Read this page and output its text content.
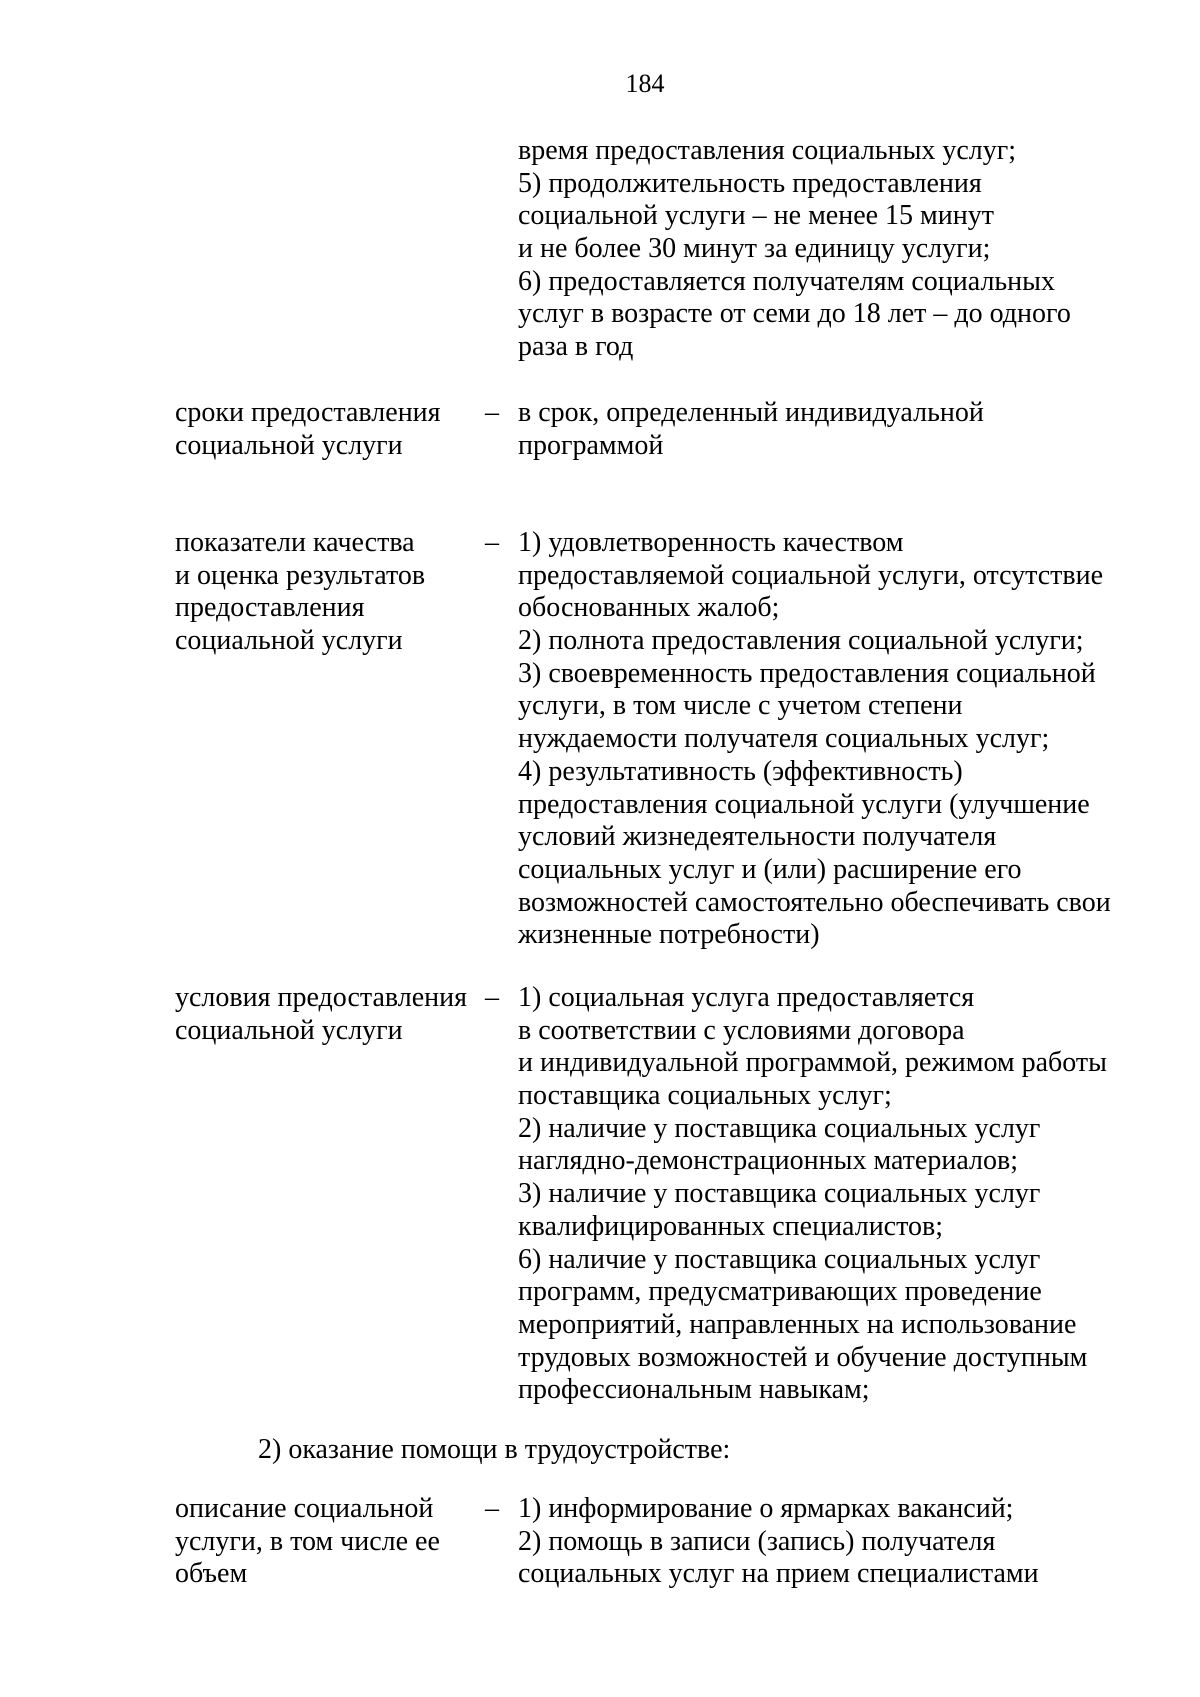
184
время предоставления социальных услуг;
5) продолжительность предоставления
социальной услуги – не менее 15 минут
и не более 30 минут за единицу услуги;
6) предоставляется получателям социальных
услуг в возрасте от семи до 18 лет – до одного
раза в год
сроки предоставления
социальной услуги
– в срок, определенный индивидуальной
программой
показатели качества
и оценка результатов
предоставления
социальной услуги
– 1) удовлетворенность качеством
предоставляемой социальной услуги, отсутствие
обоснованных жалоб;
2) полнота предоставления социальной услуги;
3) своевременность предоставления социальной
услуги, в том числе с учетом степени
нуждаемости получателя социальных услуг;
4) результативность (эффективность)
предоставления социальной услуги (улучшение
условий жизнедеятельности получателя
социальных услуг и (или) расширение его
возможностей самостоятельно обеспечивать свои
жизненные потребности)
условия предоставления
социальной услуги
– 1) социальная услуга предоставляется
в соответствии с условиями договора
и индивидуальной программой, режимом работы
поставщика социальных услуг;
2) наличие у поставщика социальных услуг
наглядно-демонстрационных материалов;
3) наличие у поставщика социальных услуг
квалифицированных специалистов;
6) наличие у поставщика социальных услуг
программ, предусматривающих проведение
мероприятий, направленных на использование
трудовых возможностей и обучение доступным
профессиональным навыкам;
2) оказание помощи в трудоустройстве:
описание социальной
услуги, в том числе ее
объем
– 1) информирование о ярмарках вакансий;
2) помощь в записи (запись) получателя
социальных услуг на прием специалистами
